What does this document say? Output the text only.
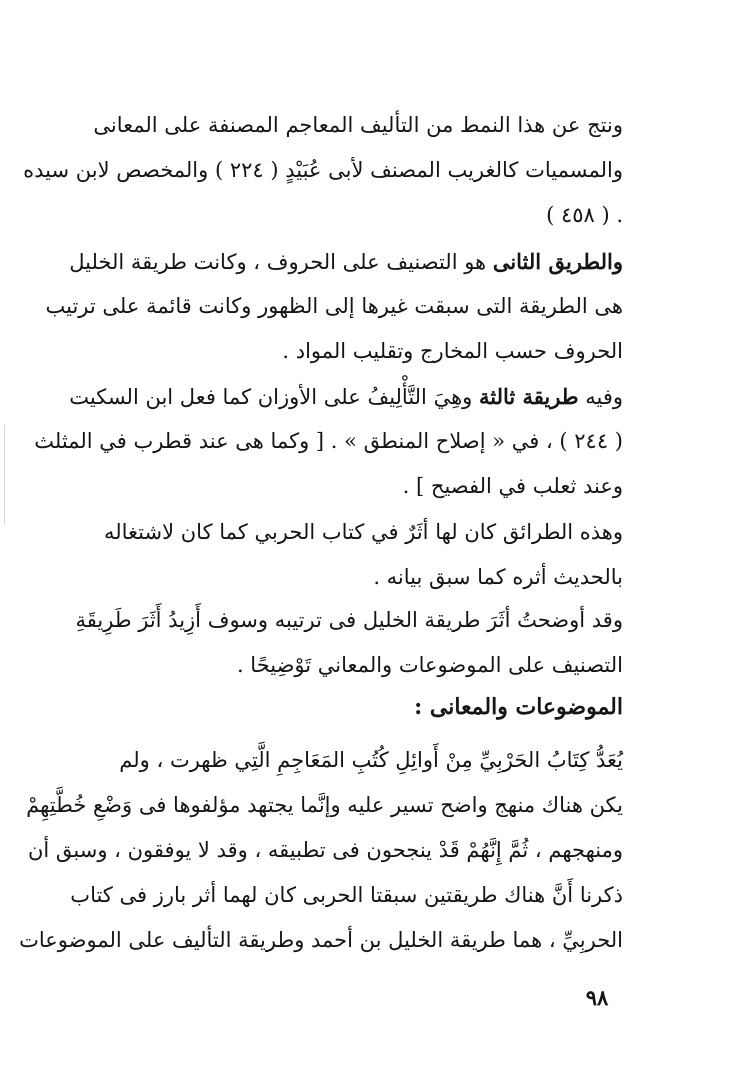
ونتج عن هذا النمط من التأليف المعاجم المصنفة على المعانى
والمسميات كالغريب المصنف لأبى عُبَيْدٍ ( ٢٢٤ ) والمخصص لابن سيده
. ( ٤٥٨ )
والطريق الثانى هو التصنيف على الحروف ، وكانت طريقة الخليل
هى الطريقة التى سبقت غيرها إلى الظهور وكانت قائمة على ترتيب
الحروف حسب المخارج وتقليب المواد .
وفيه طريقة ثالثة وهِيَ التَّأْلِيفُ على الأوزان كما فعل ابن السكيت
( ٢٤٤ ) ، في « إصلاح المنطق » . [ وكما هى عند قطرب في المثلث
وعند ثعلب في الفصيح ] .
وهذه الطرائق كان لها أثَرٌ في كتاب الحربي كما كان لاشتغاله
بالحديث أثره كما سبق بيانه .
وقد أوضحتُ أثَرَ طريقة الخليل فى ترتيبه وسوف أَزِيدُ أَثَرَ طَرِيقَةِ
التصنيف على الموضوعات والمعاني تَوْضِيحًا .
الموضوعات والمعانى :
يُعَدُّ كِتَابُ الحَرْبِيِّ مِنْ أَوائِلِ كُتُبِ المَعَاجِمِ الَّتِي ظهرت ، ولم
يكن هناك منهج واضح تسير عليه وإنَّما يجتهد مؤلفوها فى وَضْعِ خُطَّتِهِمْ
ومنهجهم ، ثُمَّ إِنَّهُمْ قَدْ ينجحون فى تطبيقه ، وقد لا يوفقون ، وسبق أن
ذكرنا أَنَّ هناك طريقتين سبقتا الحربى كان لهما أثر بارز فى كتاب
الحربِيِّ ، هما طريقة الخليل بن أحمد وطريقة التأليف على الموضوعات
٩٨
